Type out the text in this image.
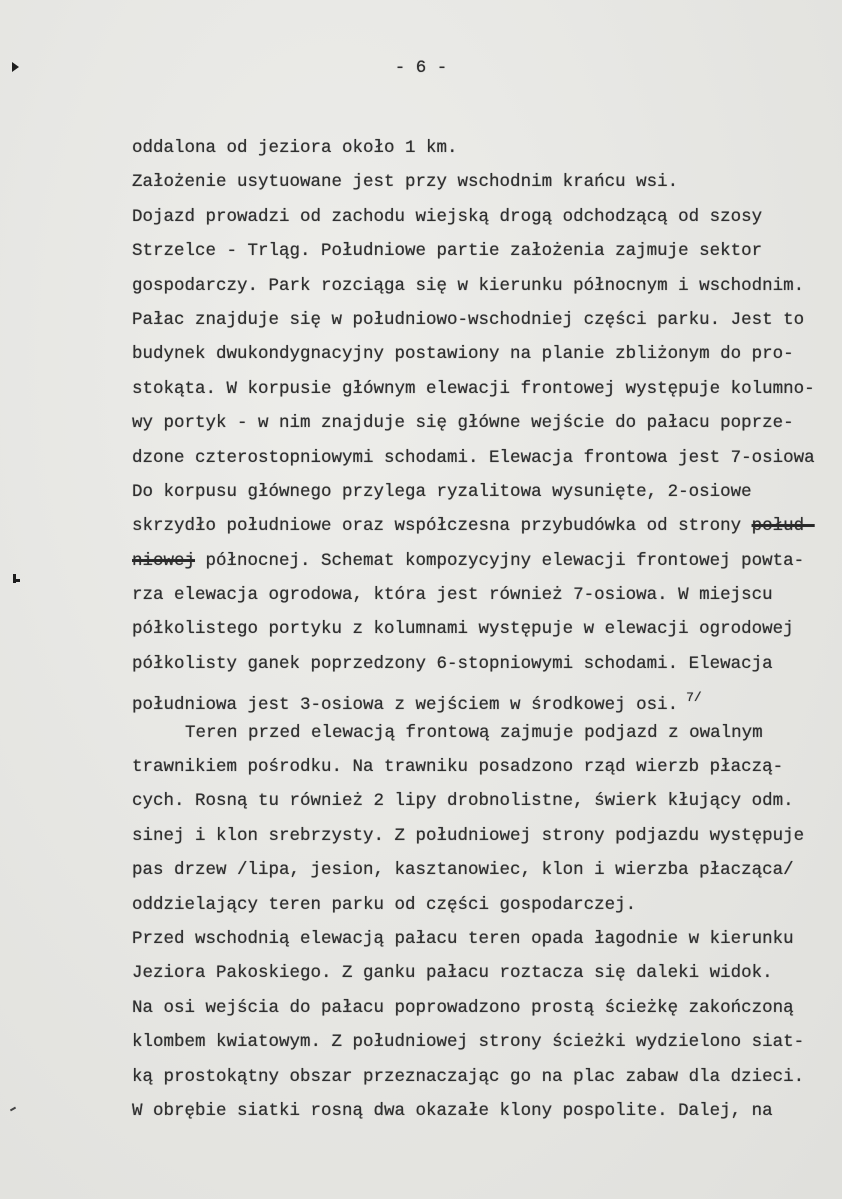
- 6 -
oddalona od jeziora około 1 km.
Założenie usytuowane jest przy wschodnim krańcu wsi.
Dojazd prowadzi od zachodu wiejską drogą odchodzącą od szosy
Strzelce - Trląg. Południowe partie założenia zajmuje sektor
gospodarczy. Park rozciąga się w kierunku północnym i wschodnim.
Pałac znajduje się w południowo-wschodniej części parku. Jest to
budynek dwukondygnacyjny postawiony na planie zbliżonym do pro-
stokąta. W korpusie głównym elewacji frontowej występuje kolumno-
wy portyk - w nim znajduje się główne wejście do pałacu poprze-
dzone czterostopniowymi schodami. Elewacja frontowa jest 7-osiowa
Do korpusu głównego przylega ryzalitowa wysunięte, 2-osiowe
skrzydło południowe oraz współczesna przybudówka od strony połud-
niowej północnej. Schemat kompozycyjny elewacji frontowej powta-
rza elewacja ogrodowa, która jest również 7-osiowa. W miejscu
półkolistego portyku z kolumnami występuje w elewacji ogrodowej
półkolisty ganek poprzedzony 6-stopniowymi schodami. Elewacja
południowa jest 3-osiowa z wejściem w środkowej osi. $^{7/}$
Teren przed elewacją frontową zajmuje podjazd z owalnym
trawnikiem pośrodku. Na trawniku posadzono rząd wierzb płaczą-
cych. Rosną tu również 2 lipy drobnolistne, świerk kłujący odm.
sinej i klon srebrzysty. Z południowej strony podjazdu występuje
pas drzew /lipa, jesion, kasztanowiec, klon i wierzba płacząca/
oddzielający teren parku od części gospodarczej.
Przed wschodnią elewacją pałacu teren opada łagodnie w kierunku
Jeziora Pakoskiego. Z ganku pałacu roztacza się daleki widok.
Na osi wejścia do pałacu poprowadzono prostą ścieżkę zakończoną
klombem kwiatowym. Z południowej strony ścieżki wydzielono siat-
ką prostokątny obszar przeznaczając go na plac zabaw dla dzieci.
W obrębie siatki rosną dwa okazałe klony pospolite. Dalej, na
